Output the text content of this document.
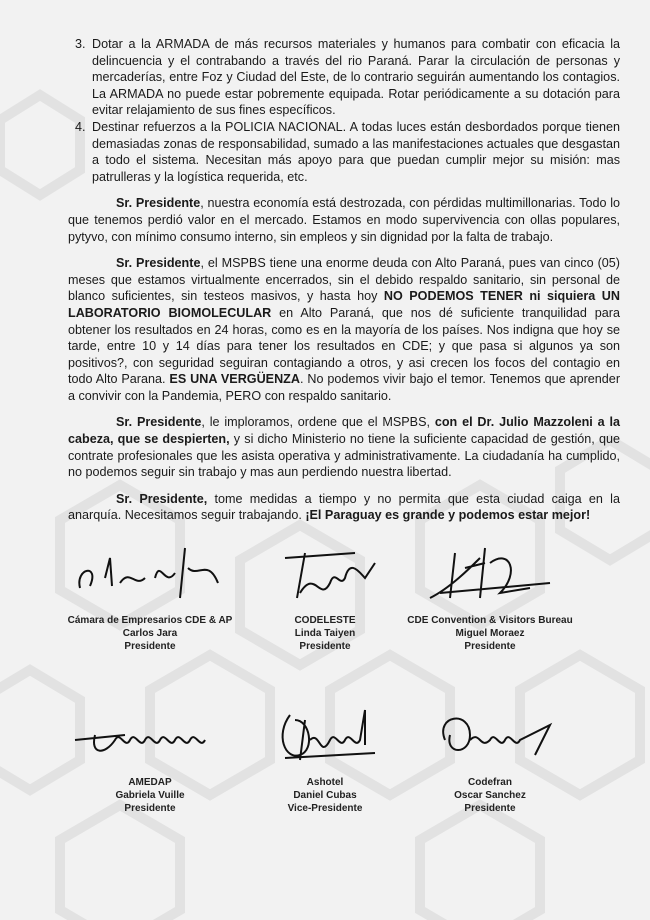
3. Dotar a la ARMADA de más recursos materiales y humanos para combatir con eficacia la delincuencia y el contrabando a través del rio Paraná. Parar la circulación de personas y mercaderías, entre Foz y Ciudad del Este, de lo contrario seguirán aumentando los contagios. La ARMADA no puede estar pobremente equipada. Rotar periódicamente a su dotación para evitar relajamiento de sus fines específicos.
4. Destinar refuerzos a la POLICIA NACIONAL. A todas luces están desbordados porque tienen demasiadas zonas de responsabilidad, sumado a las manifestaciones actuales que desgastan a todo el sistema. Necesitan más apoyo para que puedan cumplir mejor su misión: mas patrulleras y la logística requerida, etc.

Sr. Presidente, nuestra economía está destrozada, con pérdidas multimillonarias. Todo lo que tenemos perdió valor en el mercado. Estamos en modo supervivencia con ollas populares, pytyvo, con mínimo consumo interno, sin empleos y sin dignidad por la falta de trabajo.

Sr. Presidente, el MSPBS tiene una enorme deuda con Alto Paraná, pues van cinco (05) meses que estamos virtualmente encerrados, sin el debido respaldo sanitario, sin personal de blanco suficientes, sin testeos masivos, y hasta hoy NO PODEMOS TENER ni siquiera UN LABORATORIO BIOMOLECULAR en Alto Paraná, que nos dé suficiente tranquilidad para obtener los resultados en 24 horas, como es en la mayoría de los países. Nos indigna que hoy se tarde, entre 10 y 14 días para tener los resultados en CDE; y que pasa si algunos ya son positivos?, con seguridad seguiran contagiando a otros, y asi crecen los focos del contagio en todo Alto Parana. ES UNA VERGÜENZA. No podemos vivir bajo el temor. Tenemos que aprender a convivir con la Pandemia, PERO con respaldo sanitario.

Sr. Presidente, le imploramos, ordene que el MSPBS, con el Dr. Julio Mazzoleni a la cabeza, que se despierten, y si dicho Ministerio no tiene la suficiente capacidad de gestión, que contrate profesionales que les asista operativa y administrativamente. La ciudadanía ha cumplido, no podemos seguir sin trabajo y mas aun perdiendo nuestra libertad.

Sr. Presidente, tome medidas a tiempo y no permita que esta ciudad caiga en la anarquía. Necesitamos seguir trabajando. ¡El Paraguay es grande y podemos estar mejor!

Cámara de Empresarios CDE & AP
Carlos Jara
Presidente
CODELESTE
Linda Taiyen
Presidente
CDE Convention & Visitors Bureau
Miguel Moraez
Presidente
AMEDAP
Gabriela Vuille
Presidente
Ashotel
Daniel Cubas
Vice-Presidente
Codefran
Oscar Sanchez
Presidente
